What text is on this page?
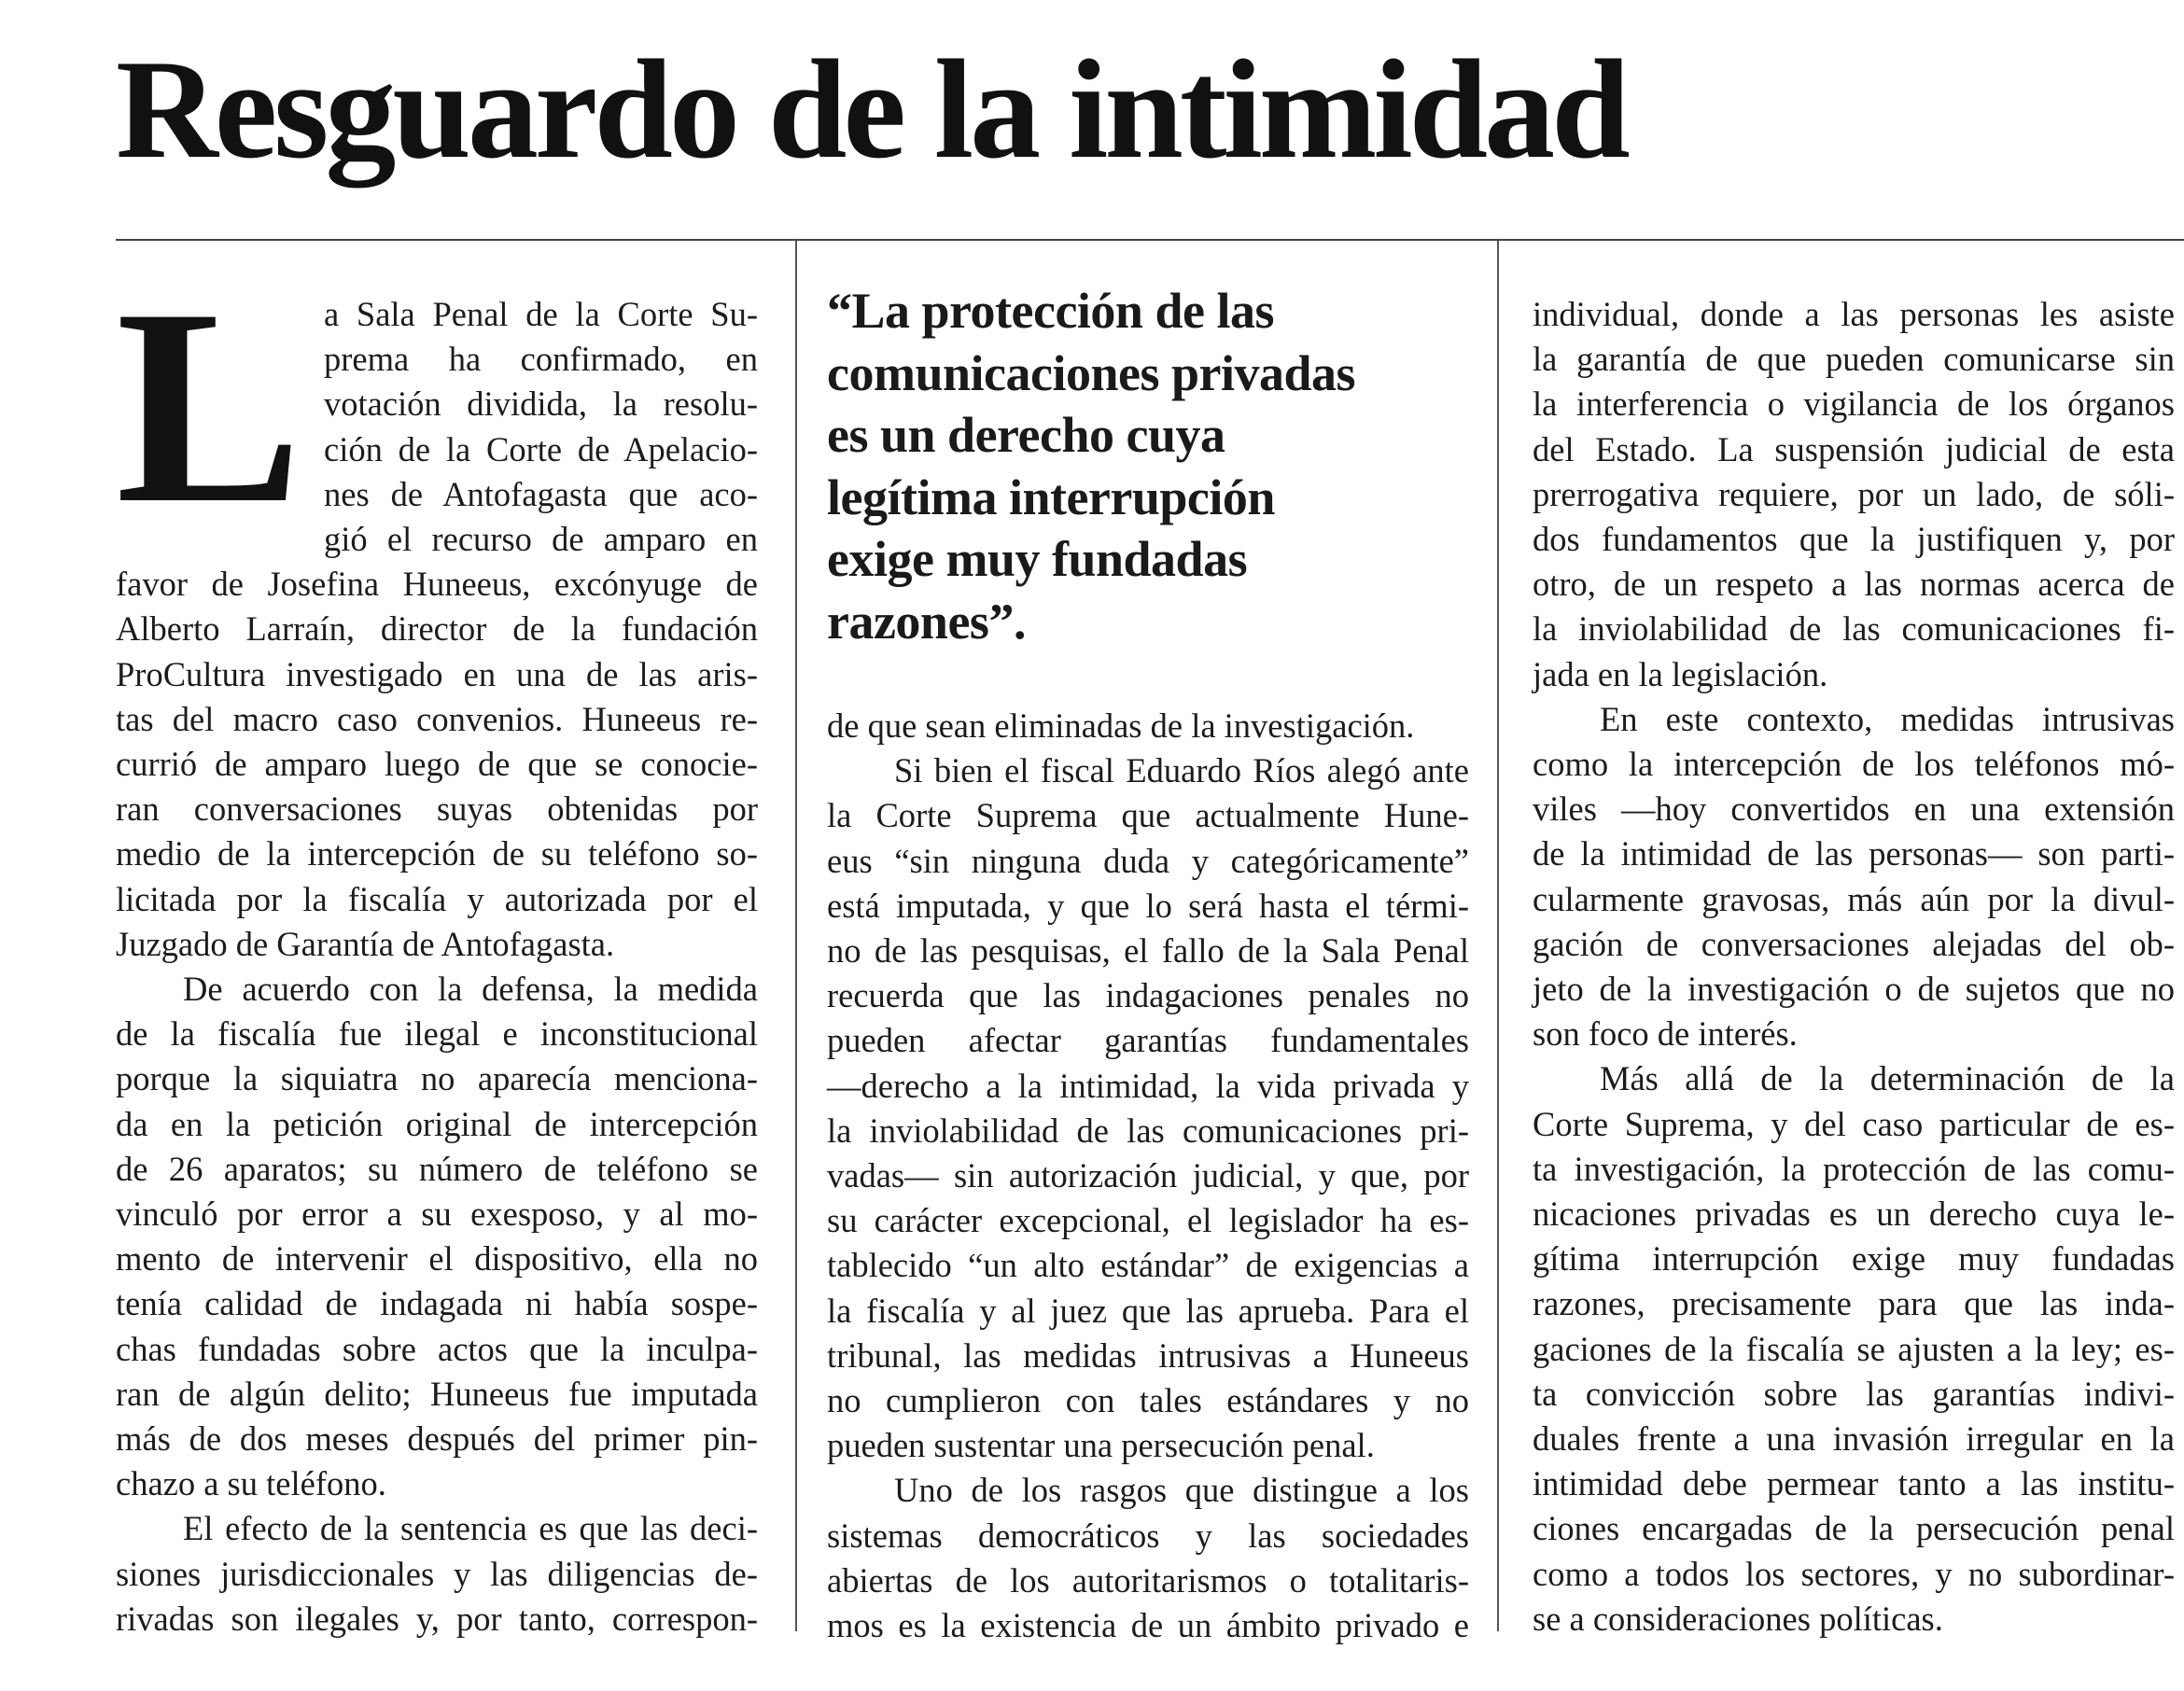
Resguardo de la intimidad
L a Sala Penal de la Corte Su-
prema ha confirmado, en
votación dividida, la resolu-
ción de la Corte de Apelacio-
nes de Antofagasta que aco-
gió el recurso de amparo en
favor de Josefina Huneeus, excónyuge de
Alberto Larraín, director de la fundación
ProCultura investigado en una de las aris-
tas del macro caso convenios. Huneeus re-
currió de amparo luego de que se conocie-
ran conversaciones suyas obtenidas por
medio de la intercepción de su teléfono so-
licitada por la fiscalía y autorizada por el
Juzgado de Garantía de Antofagasta.
De acuerdo con la defensa, la medida
de la fiscalía fue ilegal e inconstitucional
porque la siquiatra no aparecía menciona-
da en la petición original de intercepción
de 26 aparatos; su número de teléfono se
vinculó por error a su exesposo, y al mo-
mento de intervenir el dispositivo, ella no
tenía calidad de indagada ni había sospe-
chas fundadas sobre actos que la inculpa-
ran de algún delito; Huneeus fue imputada
más de dos meses después del primer pin-
chazo a su teléfono.
El efecto de la sentencia es que las deci-
siones jurisdiccionales y las diligencias de-
rivadas son ilegales y, por tanto, correspon-
“La protección de las
comunicaciones privadas
es un derecho cuya
legítima interrupción
exige muy fundadas
razones”.
de que sean eliminadas de la investigación.
Si bien el fiscal Eduardo Ríos alegó ante
la Corte Suprema que actualmente Hune-
eus “sin ninguna duda y categóricamente”
está imputada, y que lo será hasta el térmi-
no de las pesquisas, el fallo de la Sala Penal
recuerda que las indagaciones penales no
pueden afectar garantías fundamentales
—derecho a la intimidad, la vida privada y
la inviolabilidad de las comunicaciones pri-
vadas— sin autorización judicial, y que, por
su carácter excepcional, el legislador ha es-
tablecido “un alto estándar” de exigencias a
la fiscalía y al juez que las aprueba. Para el
tribunal, las medidas intrusivas a Huneeus
no cumplieron con tales estándares y no
pueden sustentar una persecución penal.
Uno de los rasgos que distingue a los
sistemas democráticos y las sociedades
abiertas de los autoritarismos o totalitaris-
mos es la existencia de un ámbito privado e
individual, donde a las personas les asiste
la garantía de que pueden comunicarse sin
la interferencia o vigilancia de los órganos
del Estado. La suspensión judicial de esta
prerrogativa requiere, por un lado, de sóli-
dos fundamentos que la justifiquen y, por
otro, de un respeto a las normas acerca de
la inviolabilidad de las comunicaciones fi-
jada en la legislación.
En este contexto, medidas intrusivas
como la intercepción de los teléfonos mó-
viles —hoy convertidos en una extensión
de la intimidad de las personas— son parti-
cularmente gravosas, más aún por la divul-
gación de conversaciones alejadas del ob-
jeto de la investigación o de sujetos que no
son foco de interés.
Más allá de la determinación de la
Corte Suprema, y del caso particular de es-
ta investigación, la protección de las comu-
nicaciones privadas es un derecho cuya le-
gítima interrupción exige muy fundadas
razones, precisamente para que las inda-
gaciones de la fiscalía se ajusten a la ley; es-
ta convicción sobre las garantías indivi-
duales frente a una invasión irregular en la
intimidad debe permear tanto a las institu-
ciones encargadas de la persecución penal
como a todos los sectores, y no subordinar-
se a consideraciones políticas.
